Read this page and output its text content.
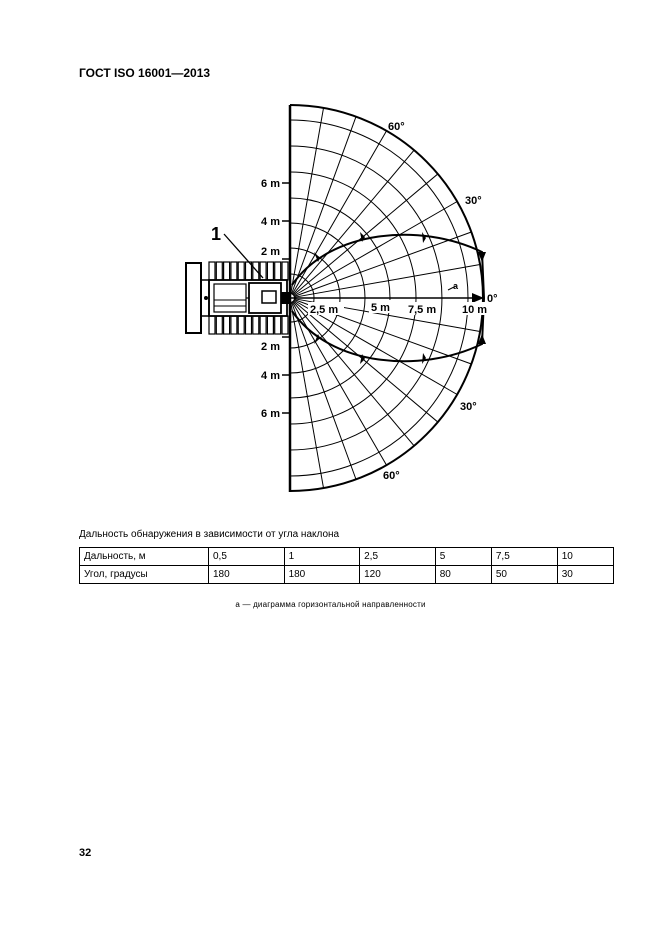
ГОСТ ISO 16001—2013
1
a
6 m
4 m
2 m
2 m
4 m
6 m
2,5 m	5 m 7,5 m 10 m
60°
30°
0°
30°
60°
Дальность обнаружения в зависимости от угла наклона
Дальность, м	0,5	1	2,5	5	7,5	10
Угол, градусы	180	180	120	80	50	30
а — диаграмма горизонтальной направленности
32
